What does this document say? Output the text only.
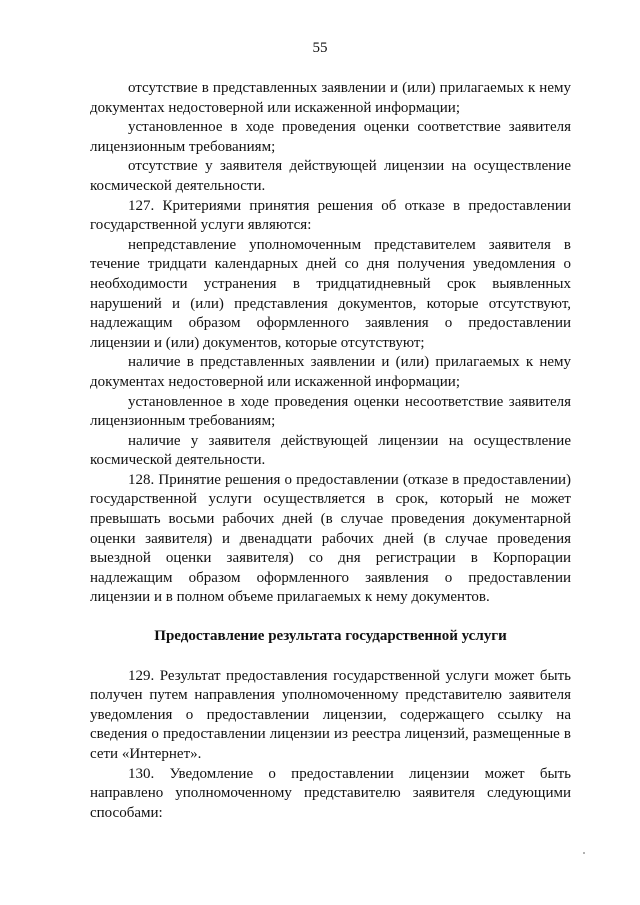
55

отсутствие в представленных заявлении и (или) прилагаемых к нему документах недостоверной или искаженной информации;

установленное в ходе проведения оценки соответствие заявителя лицензионным требованиям;

отсутствие у заявителя действующей лицензии на осуществление космической деятельности.

127. Критериями принятия решения об отказе в предоставлении государственной услуги являются:

непредставление уполномоченным представителем заявителя в течение тридцати календарных дней со дня получения уведомления о необходимости устранения в тридцатидневный срок выявленных нарушений и (или) представления документов, которые отсутствуют, надлежащим образом оформленного заявления о предоставлении лицензии и (или) документов, которые отсутствуют;

наличие в представленных заявлении и (или) прилагаемых к нему документах недостоверной или искаженной информации;

установленное в ходе проведения оценки несоответствие заявителя лицензионным требованиям;

наличие у заявителя действующей лицензии на осуществление космической деятельности.

128. Принятие решения о предоставлении (отказе в предоставлении) государственной услуги осуществляется в срок, который не может превышать восьми рабочих дней (в случае проведения документарной оценки заявителя) и двенадцати рабочих дней (в случае проведения выездной оценки заявителя) со дня регистрации в Корпорации надлежащим образом оформленного заявления о предоставлении лицензии и в полном объеме прилагаемых к нему документов.

Предоставление результата государственной услуги

129. Результат предоставления государственной услуги может быть получен путем направления уполномоченному представителю заявителя уведомления о предоставлении лицензии, содержащего ссылку на сведения о предоставлении лицензии из реестра лицензий, размещенные в сети «Интернет».

130. Уведомление о предоставлении лицензии может быть направлено уполномоченному представителю заявителя следующими способами:
